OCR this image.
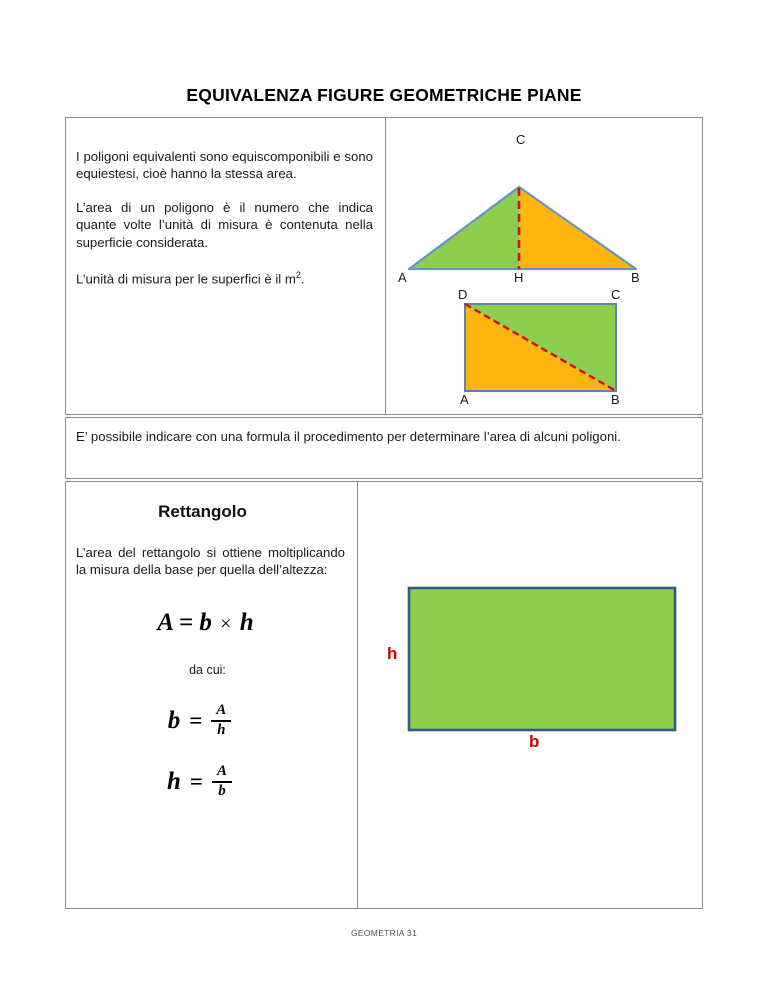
EQUIVALENZA FIGURE GEOMETRICHE PIANE

I poligoni equivalenti sono equiscomponibili e sono equiestesi, cioè hanno la stessa area.

L’area di un poligono è il numero che indica quante volte l’unità di misura è contenuta nella superficie considerata.

L’unità di misura per le superfici è il $m^2$.

C
A	H	B
D	C
A	B

E’ possibile indicare con una formula il procedimento per determinare l’area di alcuni poligoni.

Rettangolo

L’area del rettangolo si ottiene moltiplicando la misura della base per quella dell’altezza:

A = b × h
da cui:
$b = \frac{A}{h}$
$h = \frac{A}{b}$
h
b
GEOMETRIA 31
